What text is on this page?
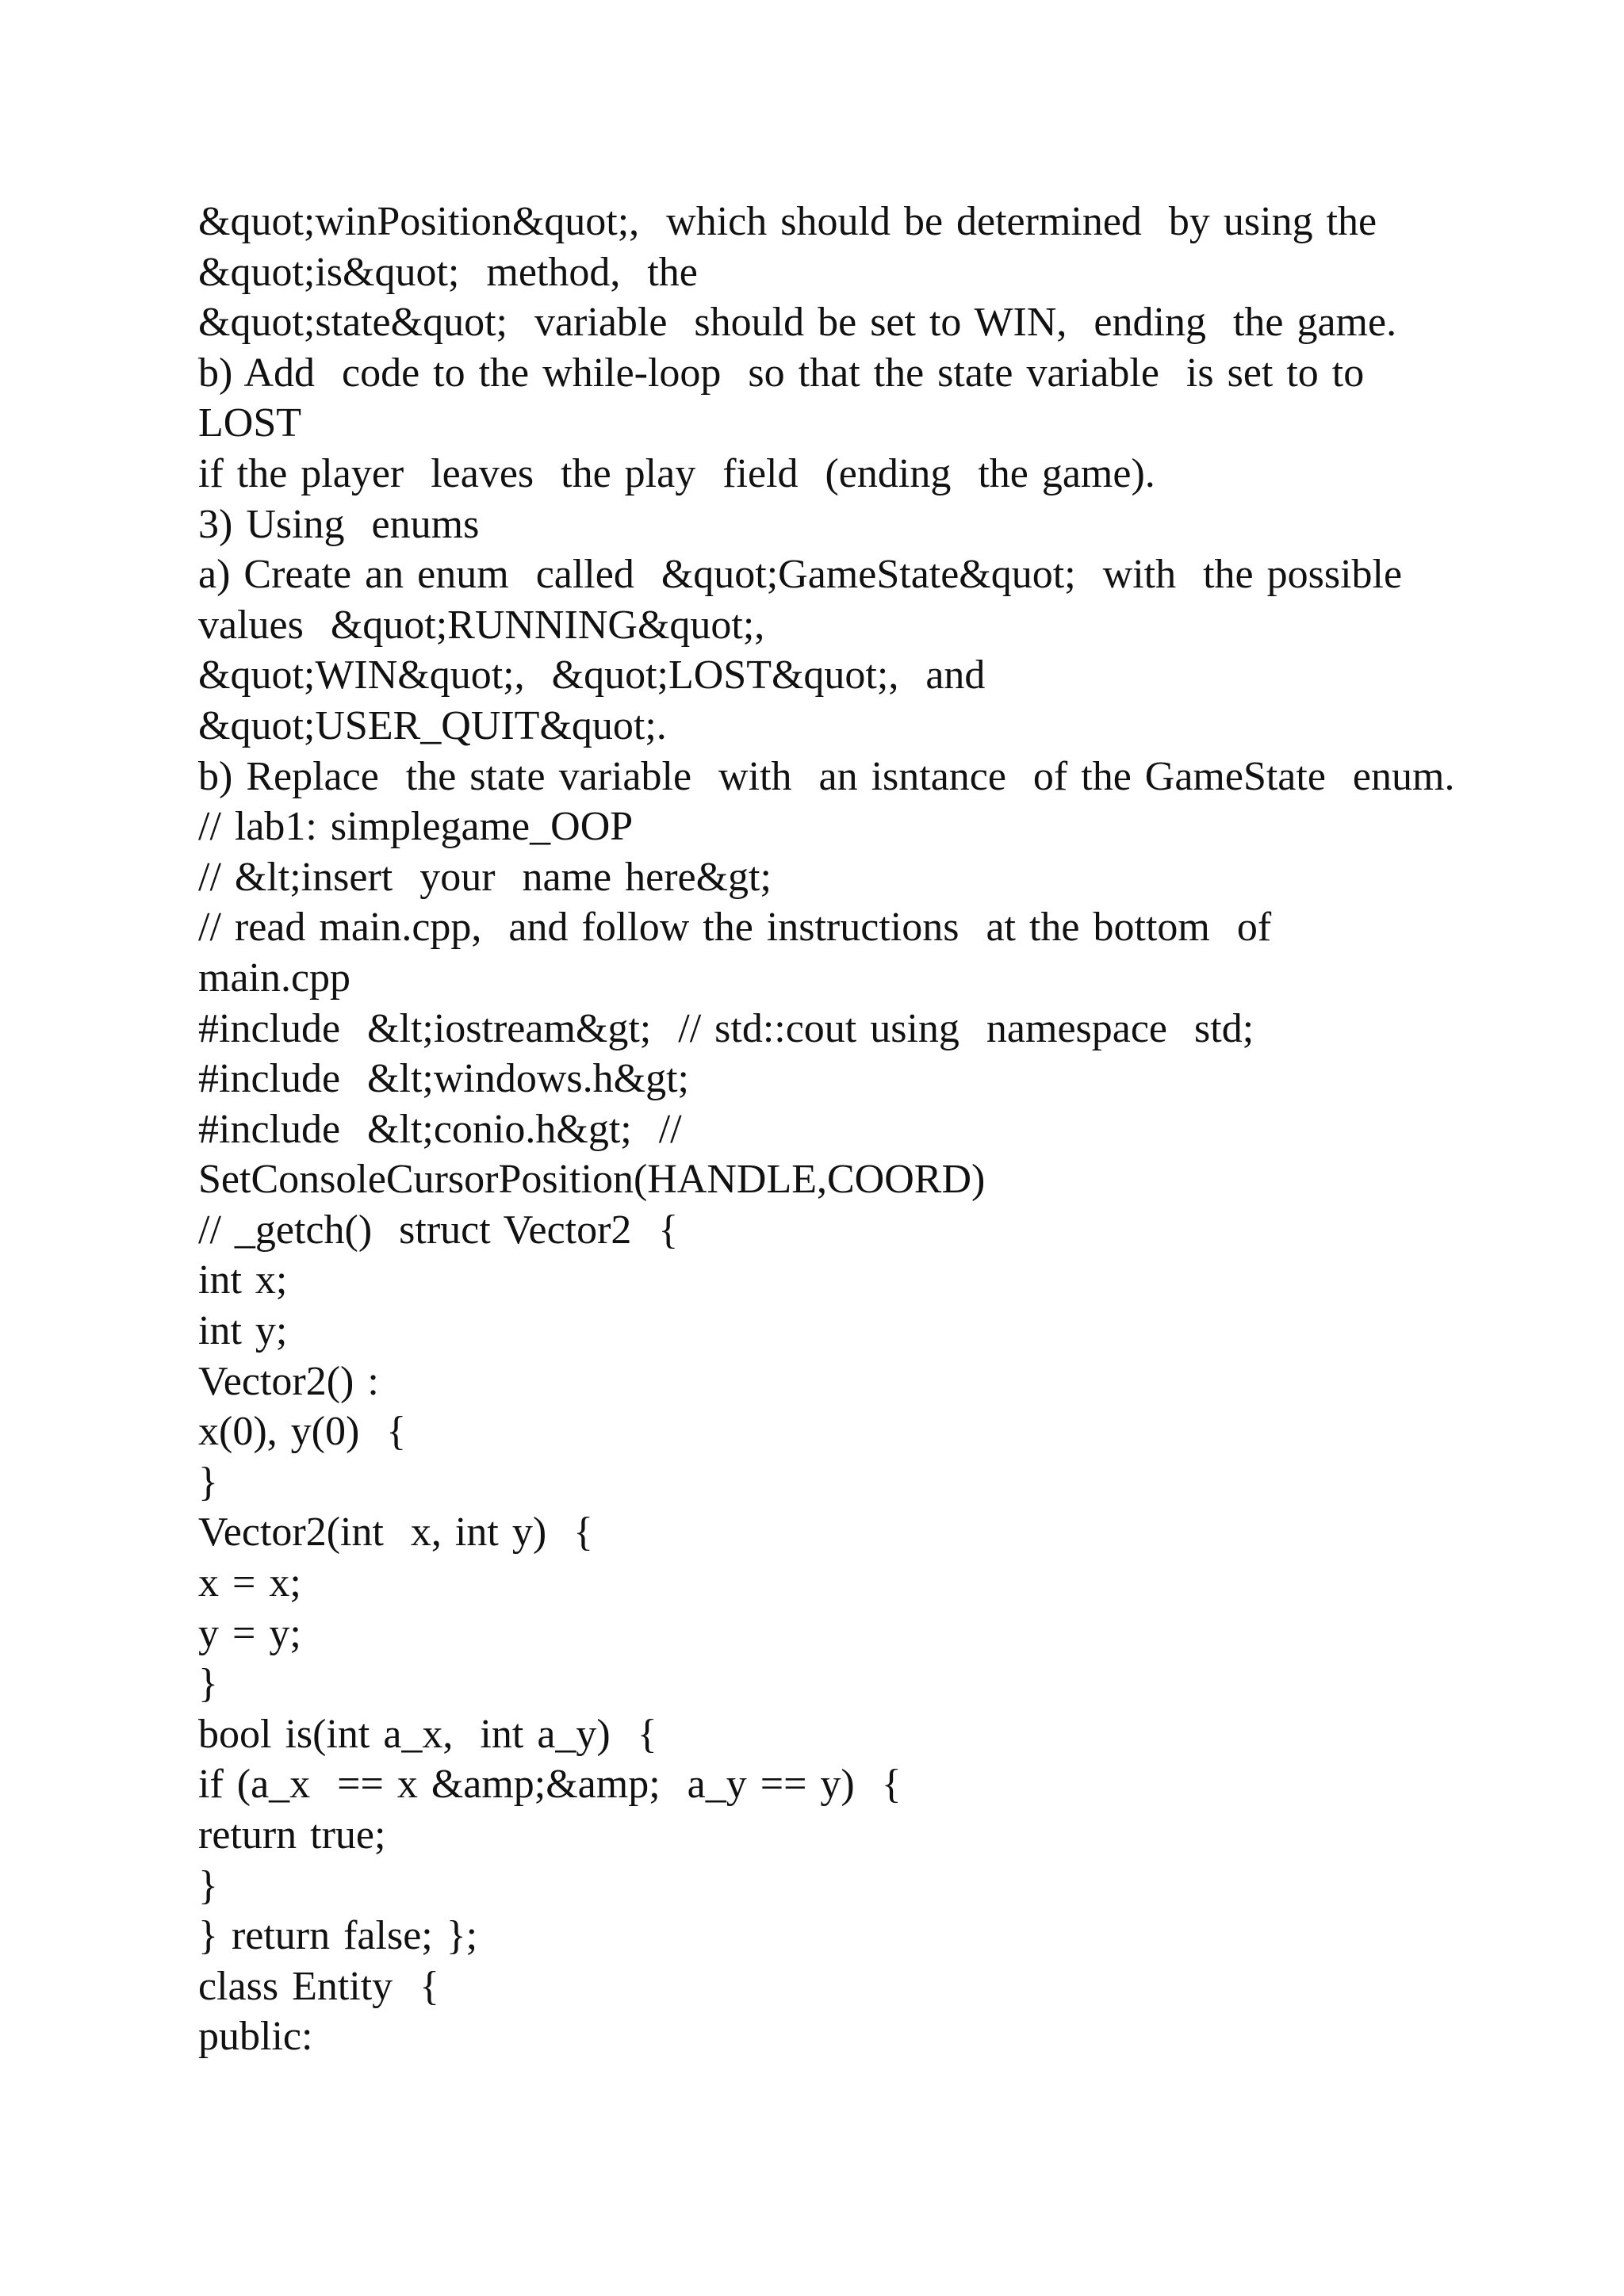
&quot;winPosition&quot;,  which should be determined  by using the
&quot;is&quot;  method,  the
&quot;state&quot;  variable  should be set to WIN,  ending  the game.
b) Add  code to the while-loop  so that the state variable  is set to to
LOST
if the player  leaves  the play  field  (ending  the game).
3) Using  enums
a) Create an enum  called  &quot;GameState&quot;  with  the possible
values  &quot;RUNNING&quot;,
&quot;WIN&quot;,  &quot;LOST&quot;,  and
&quot;USER_QUIT&quot;.
b) Replace  the state variable  with  an isntance  of the GameState  enum.
// lab1: simplegame_OOP
// &lt;insert  your  name here&gt;
// read main.cpp,  and follow the instructions  at the bottom  of
main.cpp
#include  &lt;iostream&gt;  // std::cout using  namespace  std;
#include  &lt;windows.h&gt;
#include  &lt;conio.h&gt;  //
SetConsoleCursorPosition(HANDLE,COORD)
// _getch()  struct Vector2  {
int x;
int y;
Vector2() :
x(0), y(0)  {
}
Vector2(int  x, int y)  {
x = x;
y = y;
}
bool is(int a_x,  int a_y)  {
if (a_x  == x &amp;&amp;  a_y == y)  {
return true;
}
} return false; };
class Entity  {
public:
